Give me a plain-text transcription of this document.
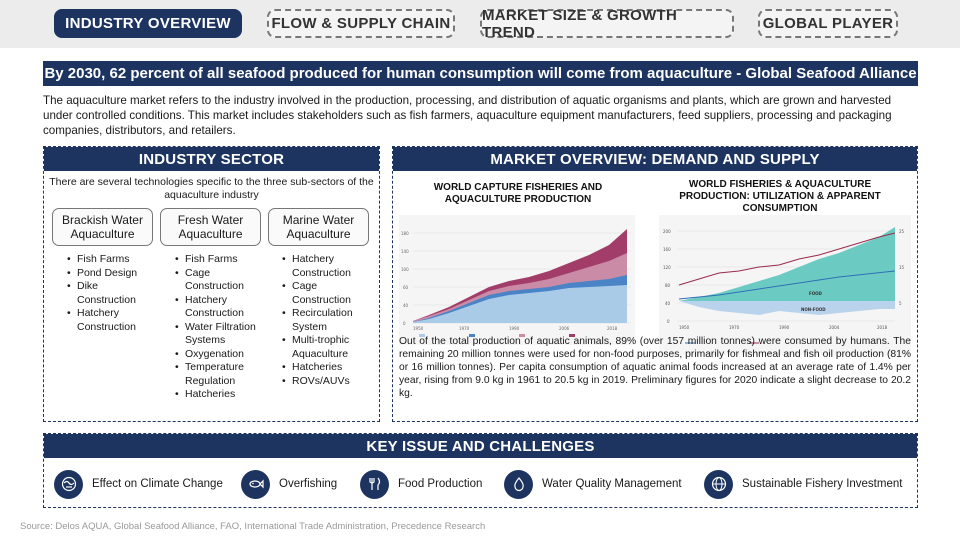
INDUSTRY OVERVIEW	FLOW & SUPPLY CHAIN MARKET SIZE & GROWTH TREND	GLOBAL PLAYER
By 2030, 62 percent of all seafood produced for human consumption will come from aquaculture - Global Seafood Alliance
The aquaculture market refers to the industry involved in the production, processing, and distribution of aquatic organisms and plants, which are grown and harvested under controlled conditions. This market includes stakeholders such as fish farmers, aquaculture equipment manufacturers, feed suppliers, processing and packaging companies, distributors, and retailers.
INDUSTRY SECTOR
There are several technologies specific to the three sub-sectors of the aquaculture industry
Brackish Water Aquaculture
Fresh Water Aquaculture
Marine Water Aquaculture
• Fish Farms
• Pond Design
• Dike Construction
• Hatchery Construction
• Fish Farms
• Cage Construction
• Hatchery Construction
• Water Filtration Systems
• Oxygenation
• Temperature Regulation
• Hatcheries
• Hatchery Construction
• Cage Construction
• Recirculation System
• Multi-trophic Aquaculture
• Hatcheries
• ROVs/AUVs
MARKET OVERVIEW: DEMAND AND SUPPLY
WORLD CAPTURE FISHERIES AND AQUACULTURE PRODUCTION
WORLD FISHERIES & AQUACULTURE PRODUCTION: UTILIZATION & APPARENT CONSUMPTION
180
140
100
60
40
0
1950	1970	1990	2006	2018
200
160
120
80
40
0
1950	1970	1990	2004	2018
25
15
5
FOOD
NON-FOOD
Out of the total production of aquatic animals, 89% (over 157 million tonnes) were consumed by humans. The remaining 20 million tonnes were used for non-food purposes, primarily for fishmeal and fish oil production (81% or 16 million tonnes). Per capita consumption of aquatic animal foods increased at an average rate of 1.4% per year, rising from 9.0 kg in 1961 to 20.5 kg in 2019. Preliminary figures for 2020 indicate a slight decrease to 20.2 kg.
KEY ISSUE AND CHALLENGES
Effect on Climate Change	Overfishing	Food Production	Water Quality Management	Sustainable Fishery Investment
Source: Delos AQUA, Global Seafood Alliance, FAO, International Trade Administration, Precedence Research
